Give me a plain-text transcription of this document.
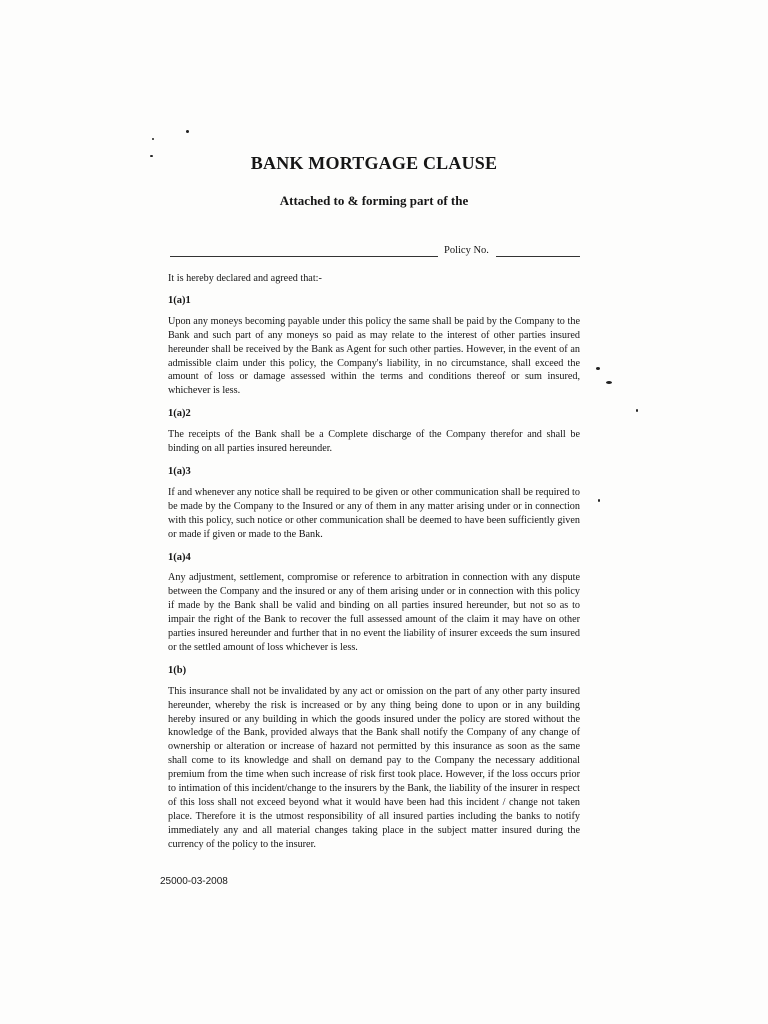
BANK MORTGAGE CLAUSE
Attached to & forming part of the
Policy No.

It is hereby declared and agreed that:-

1(a)1

Upon any moneys becoming payable under this policy the same shall be paid by the Company to the Bank and such part of any moneys so paid as may relate to the interest of other parties insured hereunder shall be received by the Bank as Agent for such other parties. However, in the event of an admissible claim under this policy, the Company's liability, in no circumstance, shall exceed the amount of loss or damage assessed within the terms and conditions thereof or sum insured, whichever is less.

1(a)2

The receipts of the Bank shall be a Complete discharge of the Company therefor and shall be binding on all parties insured hereunder.

1(a)3

If and whenever any notice shall be required to be given or other communication shall be required to be made by the Company to the Insured or any of them in any matter arising under or in connection with this policy, such notice or other communication shall be deemed to have been sufficiently given or made if given or made to the Bank.

1(a)4

Any adjustment, settlement, compromise or reference to arbitration in connection with any dispute between the Company and the insured or any of them arising under or in connection with this policy if made by the Bank shall be valid and binding on all parties insured hereunder, but not so as to impair the right of the Bank to recover the full assessed amount of the claim it may have on other parties insured hereunder and further that in no event the liability of insurer exceeds the sum insured or the settled amount of loss whichever is less.

1(b)

This insurance shall not be invalidated by any act or omission on the part of any other party insured hereunder, whereby the risk is increased or by any thing being done to upon or in any building hereby insured or any building in which the goods insured under the policy are stored without the knowledge of the Bank, provided always that the Bank shall notify the Company of any change of ownership or alteration or increase of hazard not permitted by this insurance as soon as the same shall come to its knowledge and shall on demand pay to the Company the necessary additional premium from the time when such increase of risk first took place. However, if the loss occurs prior to intimation of this incident/change to the insurers by the Bank, the liability of the insurer in respect of this loss shall not exceed beyond what it would have been had this incident / change not taken place. Therefore it is the utmost responsibility of all insured parties including the banks to notify immediately any and all material changes taking place in the subject matter insured during the currency of the policy to the insurer.

25000-03-2008
